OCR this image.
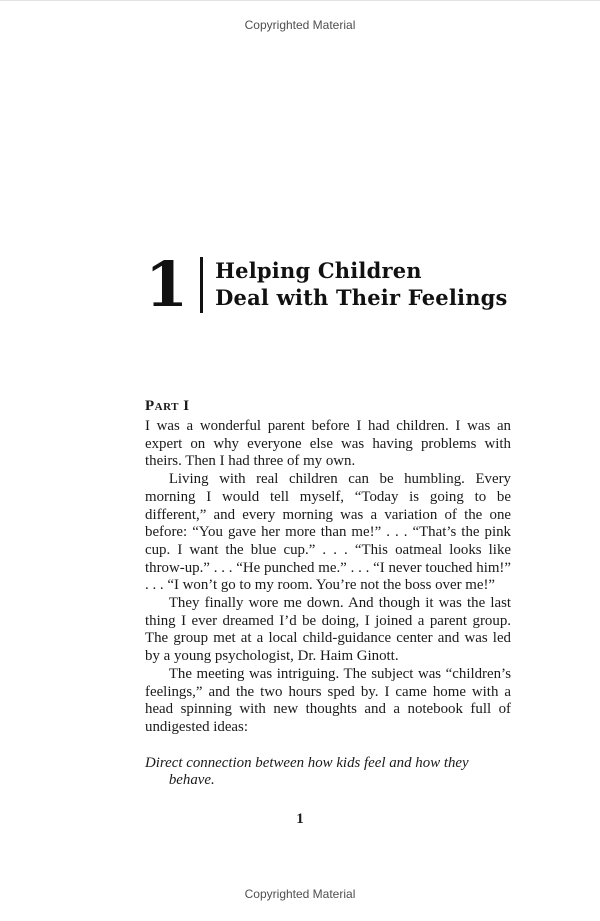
Copyrighted Material
1 Helping Children
Deal with Their Feelings
Part I

I was a wonderful parent before I had children. I was an expert on why everyone else was having problems with theirs. Then I had three of my own.

Living with real children can be humbling. Every morning I would tell myself, “Today is going to be different,” and every morning was a variation of the one before: “You gave her more than me!” . . . “That’s the pink cup. I want the blue cup.” . . . “This oatmeal looks like throw-up.” . . . “He punched me.” . . . “I never touched him!” . . . “I won’t go to my room. You’re not the boss over me!”

They finally wore me down. And though it was the last thing I ever dreamed I’d be doing, I joined a parent group. The group met at a local child-guidance center and was led by a young psychologist, Dr. Haim Ginott.

The meeting was intriguing. The subject was “children’s feelings,” and the two hours sped by. I came home with a head spinning with new thoughts and a notebook full of undigested ideas:

Direct connection between how kids feel and how they behave.

1
Copyrighted Material
